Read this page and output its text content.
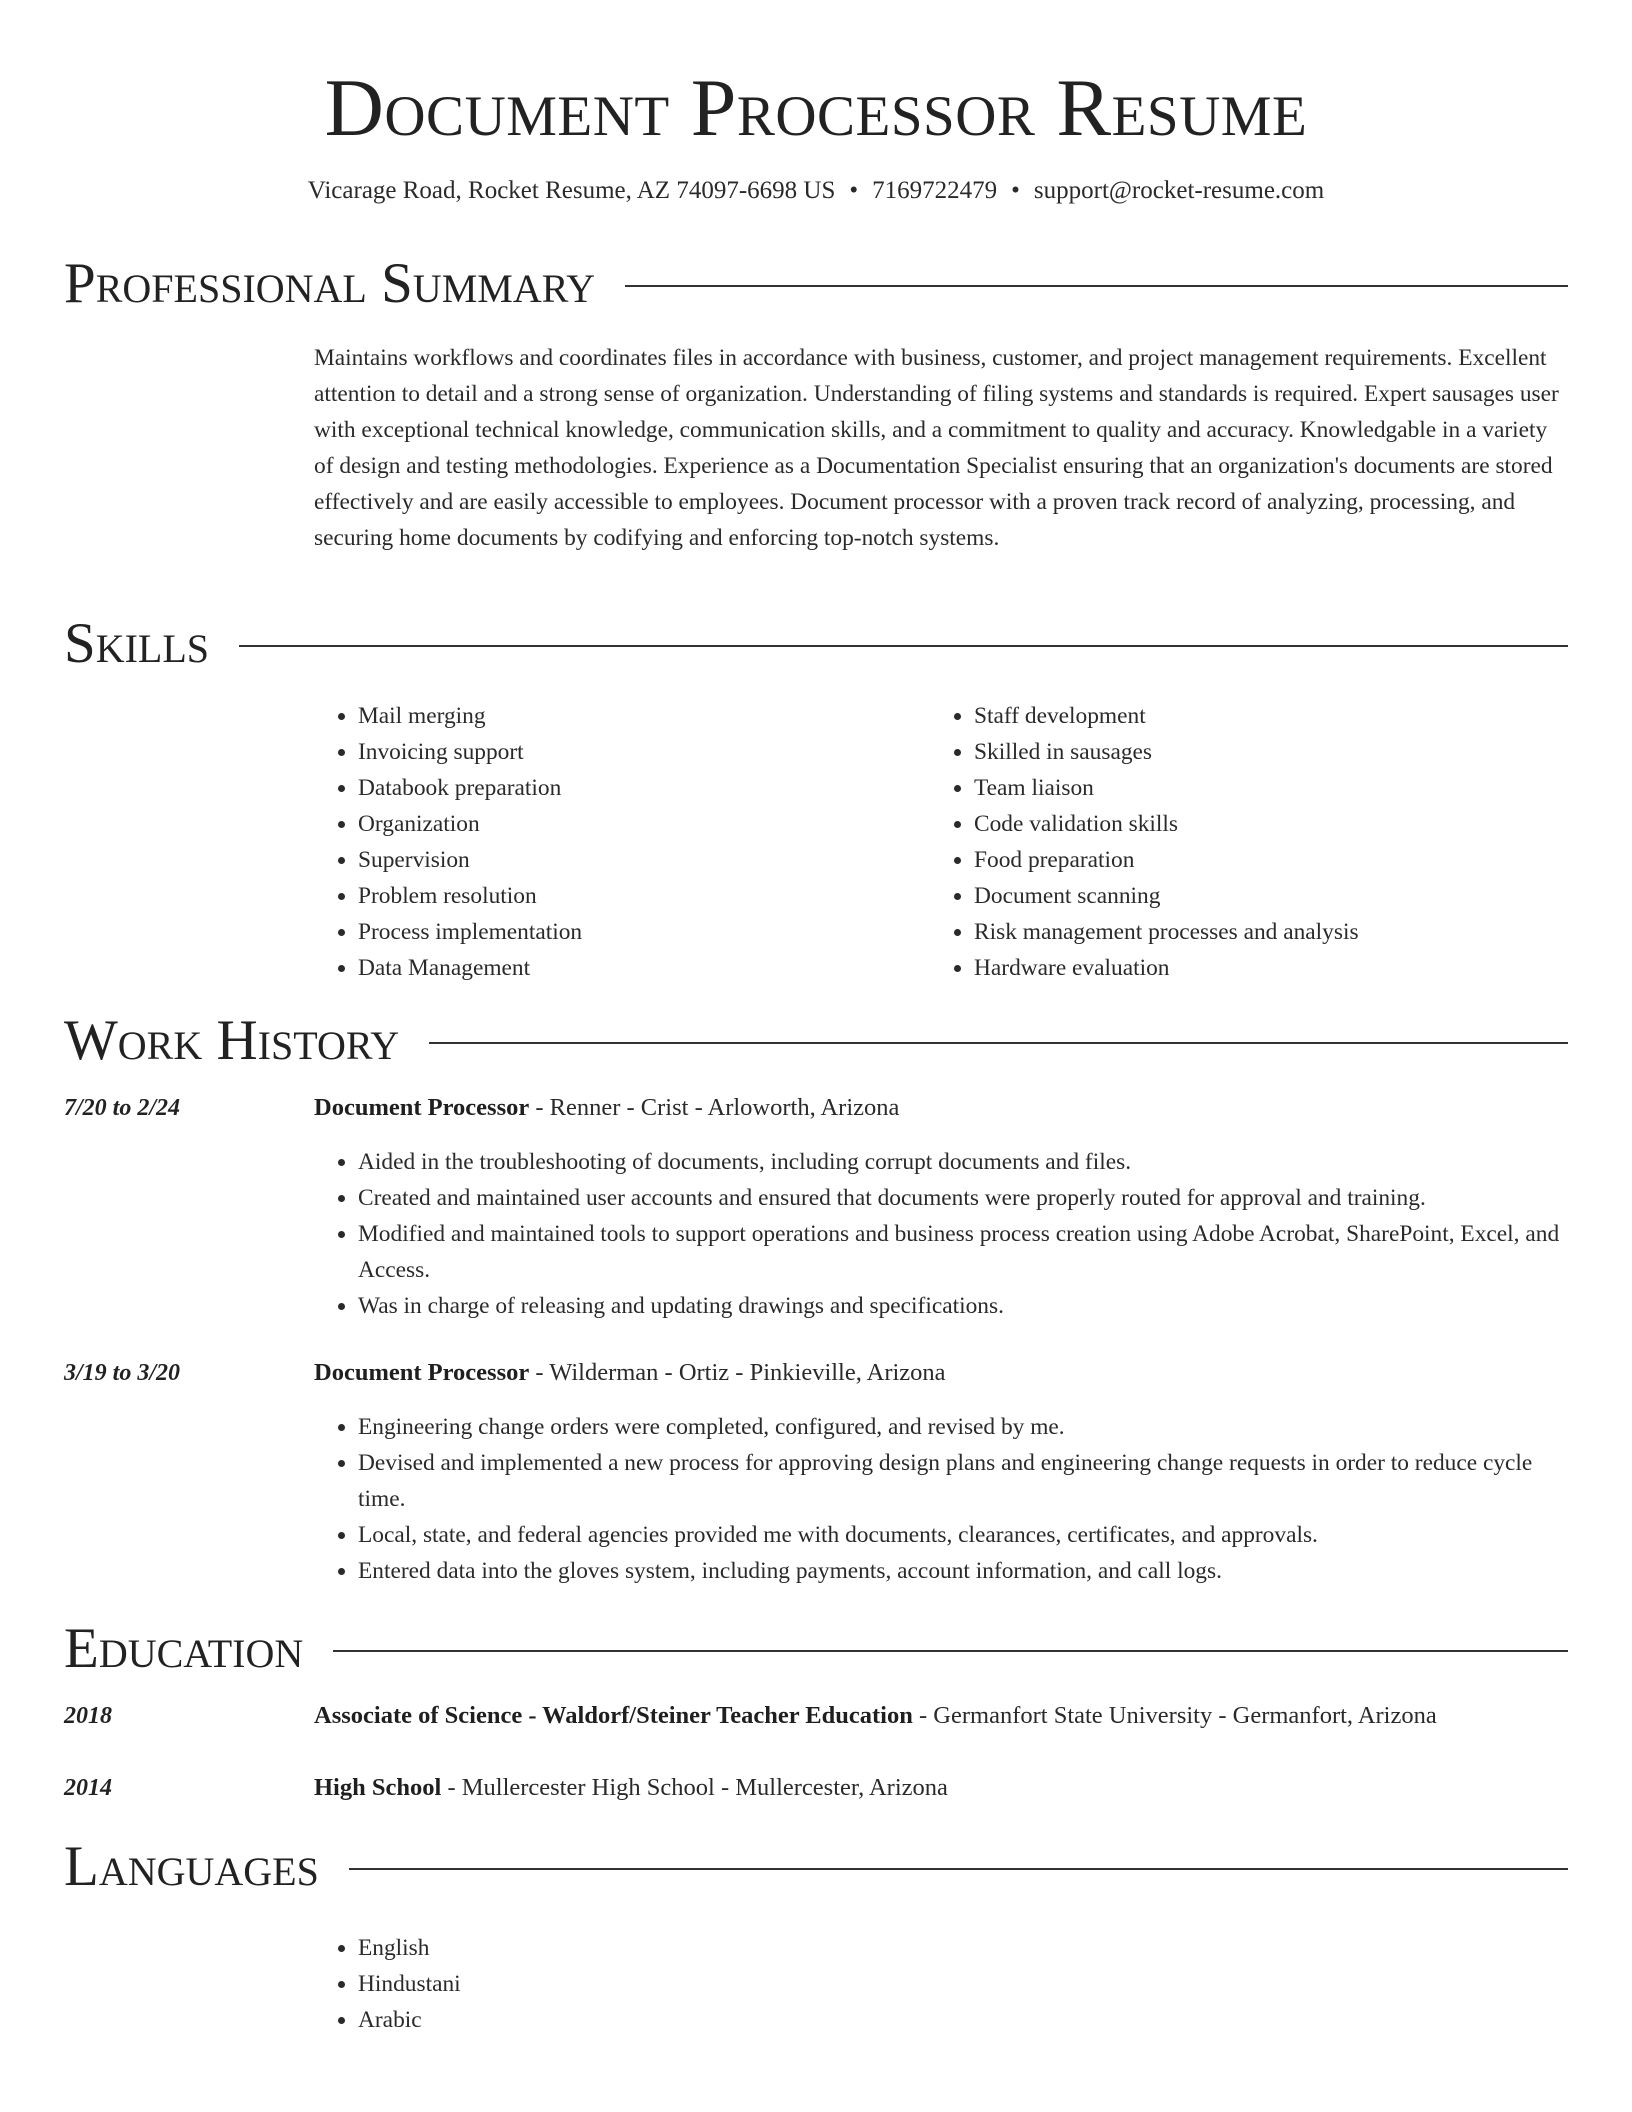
Document Processor Resume
Vicarage Road, Rocket Resume, AZ 74097-6698 US • 7169722479 • support@rocket-resume.com
Professional Summary

Maintains workflows and coordinates files in accordance with business, customer, and project management requirements. Excellent attention to detail and a strong sense of organization. Understanding of filing systems and standards is required. Expert sausages user with exceptional technical knowledge, communication skills, and a commitment to quality and accuracy. Knowledgable in a variety of design and testing methodologies. Experience as a Documentation Specialist ensuring that an organization's documents are stored effectively and are easily accessible to employees. Document processor with a proven track record of analyzing, processing, and securing home documents by codifying and enforcing top-notch systems.

Skills
• Mail merging
• Invoicing support
• Databook preparation
• Organization
• Supervision
• Problem resolution
• Process implementation
• Data Management
• Staff development
• Skilled in sausages
• Team liaison
• Code validation skills
• Food preparation
• Document scanning
• Risk management processes and analysis
• Hardware evaluation
Work History
7/20 to 2/24	Document Processor - Renner - Crist - Arloworth, Arizona
• Aided in the troubleshooting of documents, including corrupt documents and files.
• Created and maintained user accounts and ensured that documents were properly routed for approval and training.
• Modified and maintained tools to support operations and business process creation using Adobe Acrobat, SharePoint, Excel, and Access.
• Was in charge of releasing and updating drawings and specifications.
3/19 to 3/20	Document Processor - Wilderman - Ortiz - Pinkieville, Arizona
• Engineering change orders were completed, configured, and revised by me.
• Devised and implemented a new process for approving design plans and engineering change requests in order to reduce cycle time.
• Local, state, and federal agencies provided me with documents, clearances, certificates, and approvals.
• Entered data into the gloves system, including payments, account information, and call logs.
Education
2018	Associate of Science - Waldorf/Steiner Teacher Education - Germanfort State University - Germanfort, Arizona
2014	High School - Mullercester High School - Mullercester, Arizona
Languages
• English
• Hindustani
• Arabic
